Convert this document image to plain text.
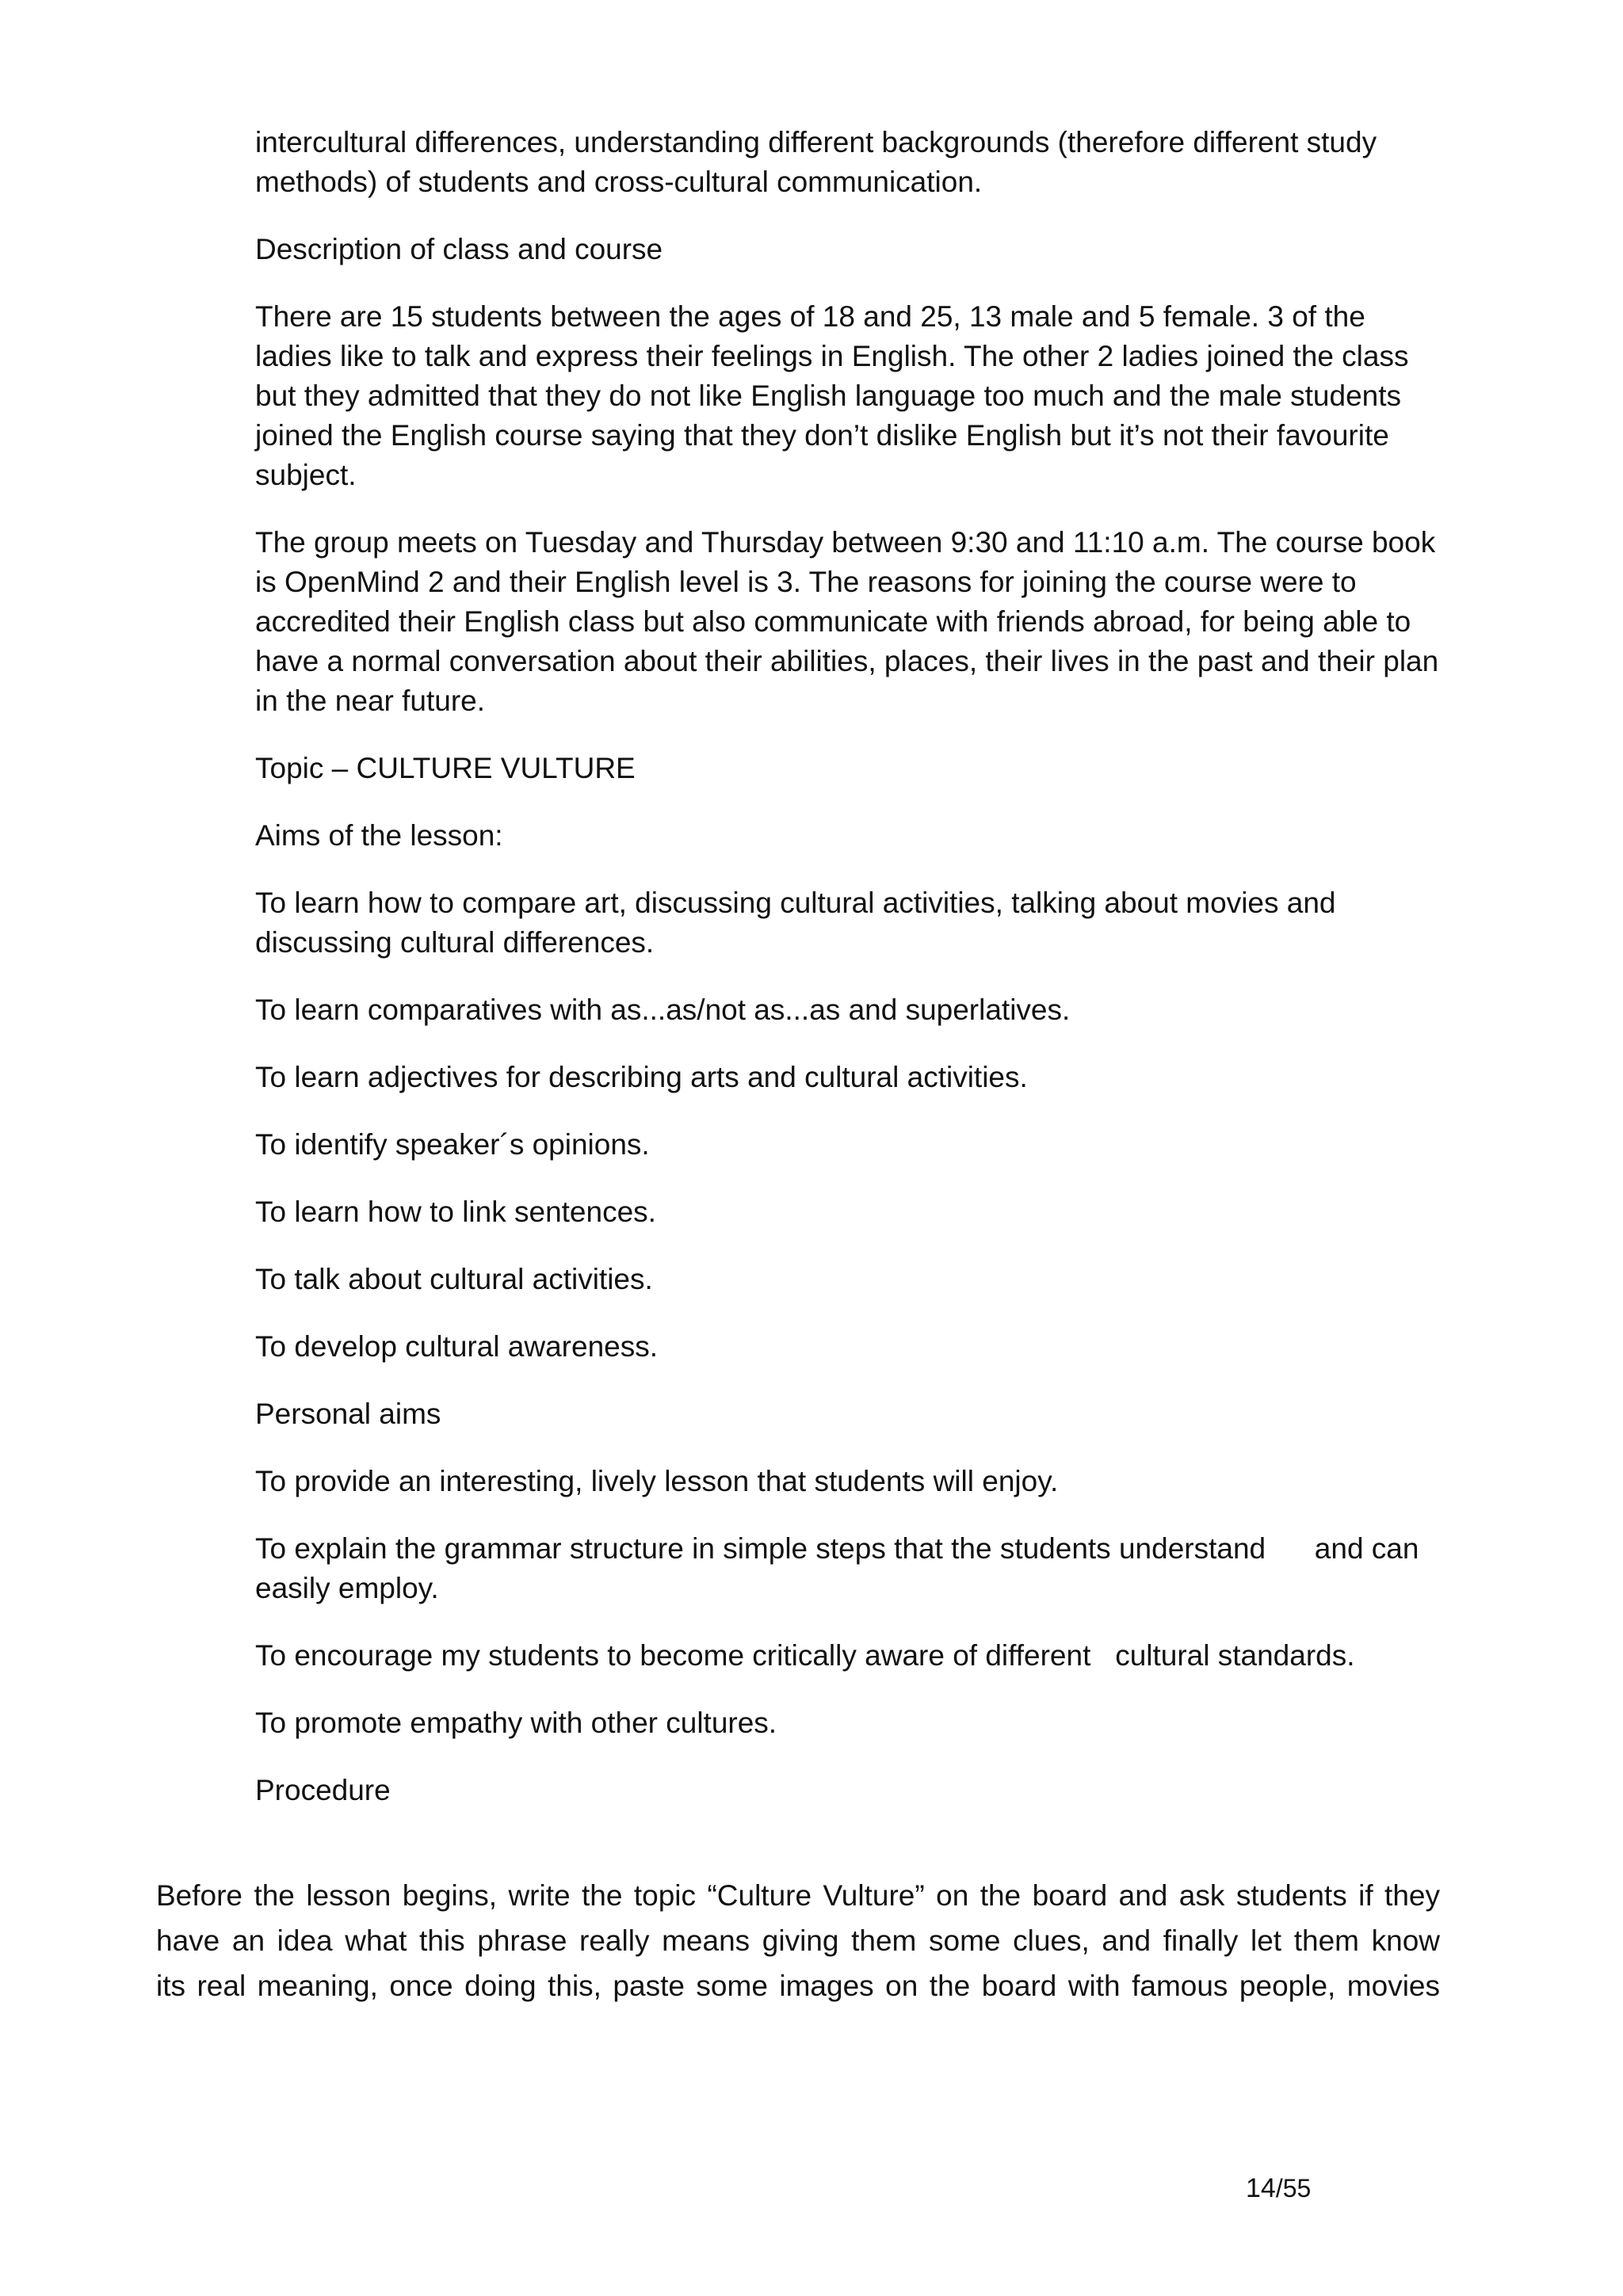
intercultural differences, understanding different backgrounds (therefore different study methods) of students and cross-cultural communication.

Description of class and course

There are 15 students between the ages of 18 and 25, 13 male and 5 female. 3 of the ladies like to talk and express their feelings in English. The other 2 ladies joined the class but they admitted that they do not like English language too much and the male students joined the English course saying that they don’t dislike English but it’s not their favourite subject.

The group meets on Tuesday and Thursday between 9:30 and 11:10 a.m. The course book is OpenMind 2 and their English level is 3. The reasons for joining the course were to accredited their English class but also communicate with friends abroad, for being able to have a normal conversation about their abilities, places, their lives in the past and their plan in the near future.

Topic – CULTURE VULTURE

Aims of the lesson:

To learn how to compare art, discussing cultural activities, talking about movies and discussing cultural differences.

To learn comparatives with as...as/not as...as and superlatives.

To learn adjectives for describing arts and cultural activities.

To identify speaker´s opinions.

To learn how to link sentences.

To talk about cultural activities.

To develop cultural awareness.

Personal aims

To provide an interesting, lively lesson that students will enjoy.

To explain the grammar structure in simple steps that the students understand      and can easily employ.

To encourage my students to become critically aware of different   cultural standards.

To promote empathy with other cultures.

Procedure

Before the lesson begins, write the topic “Culture Vulture” on the board and ask students if they

have an idea what this phrase really means giving them some clues, and finally let them know

its real meaning, once doing this, paste some images on the board with famous people, movies

14/55
